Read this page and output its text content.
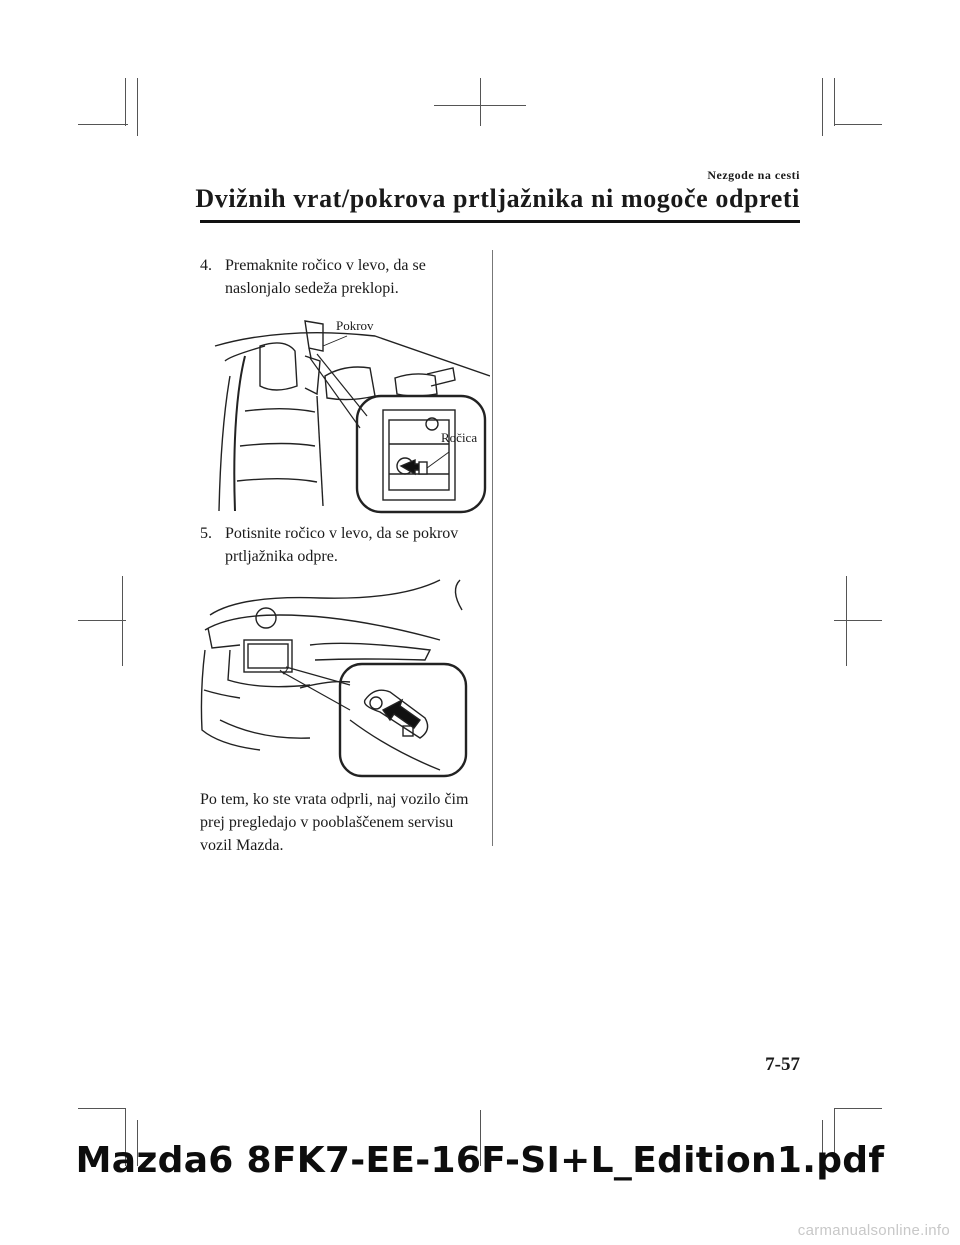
Nezgode na cesti
Dvižnih vrat/pokrova prtljažnika ni mogoče odpreti
4. Premaknite ročico v levo, da se naslonjalo sedeža preklopi.
Pokrov
Ročica
5. Potisnite ročico v levo, da se pokrov prtljažnika odpre.
Po tem, ko ste vrata odprli, naj vozilo čim prej pregledajo v pooblaščenem servisu vozil Mazda.
7-57
Mazda6 8FK7-EE-16F-SI+L_Edition1.pdf
carmanualsonline.info
